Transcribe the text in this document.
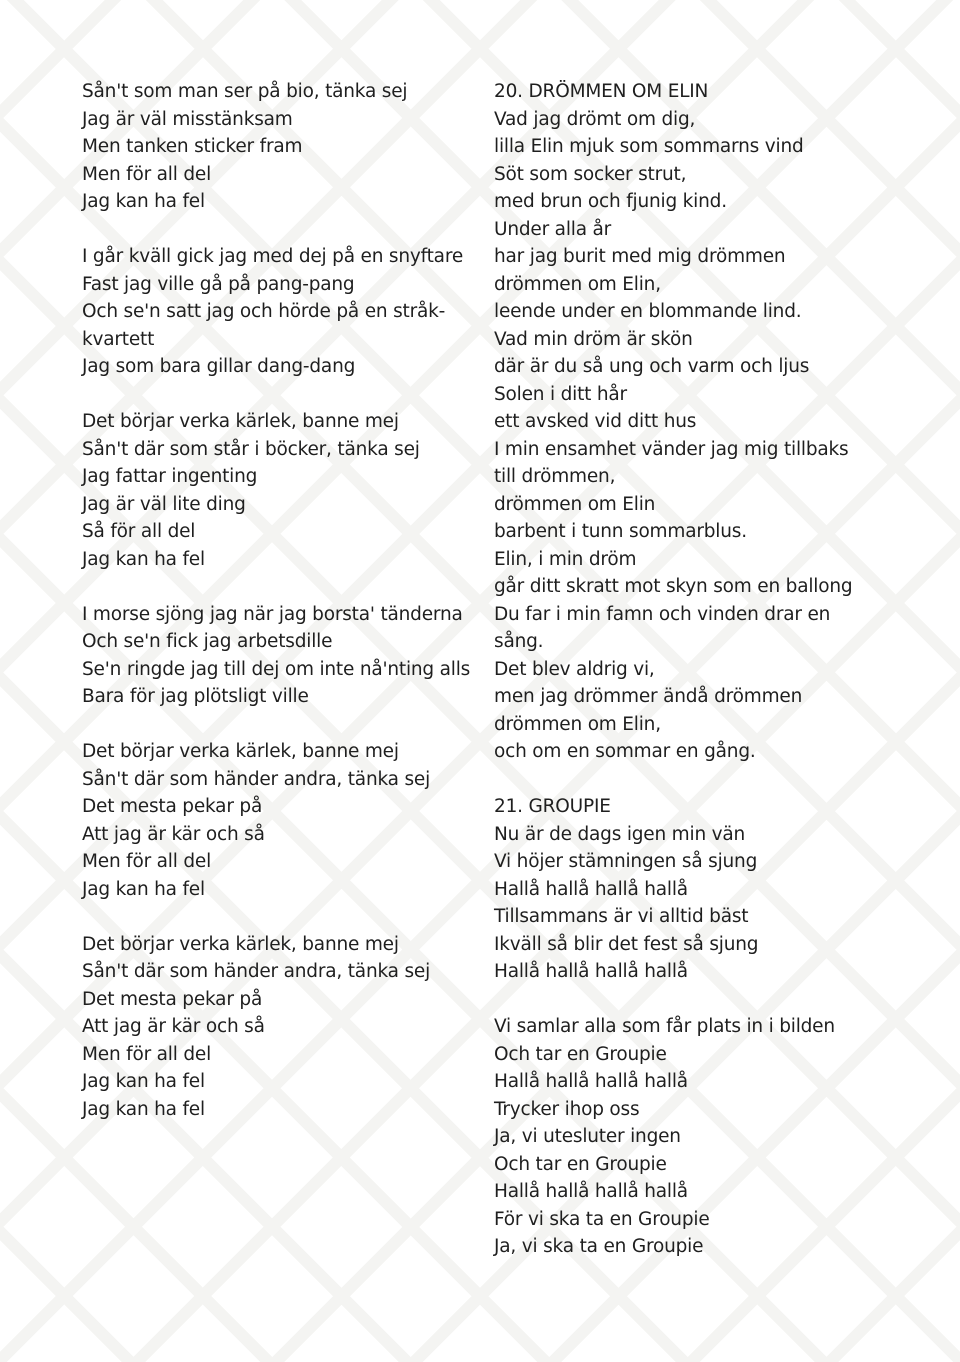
Sån't som man ser på bio, tänka sej
Jag är väl misstänksam
Men tanken sticker fram
Men för all del
Jag kan ha fel
I går kväll gick jag med dej på en snyftare
Fast jag ville gå på pang-pang
Och se'n satt jag och hörde på en stråk-
kvartett
Jag som bara gillar dang-dang
Det börjar verka kärlek, banne mej
Sån't där som står i böcker, tänka sej
Jag fattar ingenting
Jag är väl lite ding
Så för all del
Jag kan ha fel
I morse sjöng jag när jag borsta' tänderna
Och se'n fick jag arbetsdille
Se'n ringde jag till dej om inte nå'nting alls
Bara för jag plötsligt ville
Det börjar verka kärlek, banne mej
Sån't där som händer andra, tänka sej
Det mesta pekar på
Att jag är kär och så
Men för all del
Jag kan ha fel
Det börjar verka kärlek, banne mej
Sån't där som händer andra, tänka sej
Det mesta pekar på
Att jag är kär och så
Men för all del
Jag kan ha fel
Jag kan ha fel
20. DRÖMMEN OM ELIN
Vad jag drömt om dig,
lilla Elin mjuk som sommarns vind
Söt som socker strut,
med brun och fjunig kind.
Under alla år
har jag burit med mig drömmen
drömmen om Elin,
leende under en blommande lind.
Vad min dröm är skön
där är du så ung och varm och ljus
Solen i ditt hår
ett avsked vid ditt hus
I min ensamhet vänder jag mig tillbaks
till drömmen,
drömmen om Elin
barbent i tunn sommarblus.
Elin, i min dröm
går ditt skratt mot skyn som en ballong
Du far i min famn och vinden drar en
sång.
Det blev aldrig vi,
men jag drömmer ändå drömmen
drömmen om Elin,
och om en sommar en gång.
21. GROUPIE
Nu är de dags igen min vän
Vi höjer stämningen så sjung
Hallå hallå hallå hallå
Tillsammans är vi alltid bäst
Ikväll så blir det fest så sjung
Hallå hallå hallå hallå
Vi samlar alla som får plats in i bilden
Och tar en Groupie
Hallå hallå hallå hallå
Trycker ihop oss
Ja, vi utesluter ingen
Och tar en Groupie
Hallå hallå hallå hallå
För vi ska ta en Groupie
Ja, vi ska ta en Groupie
